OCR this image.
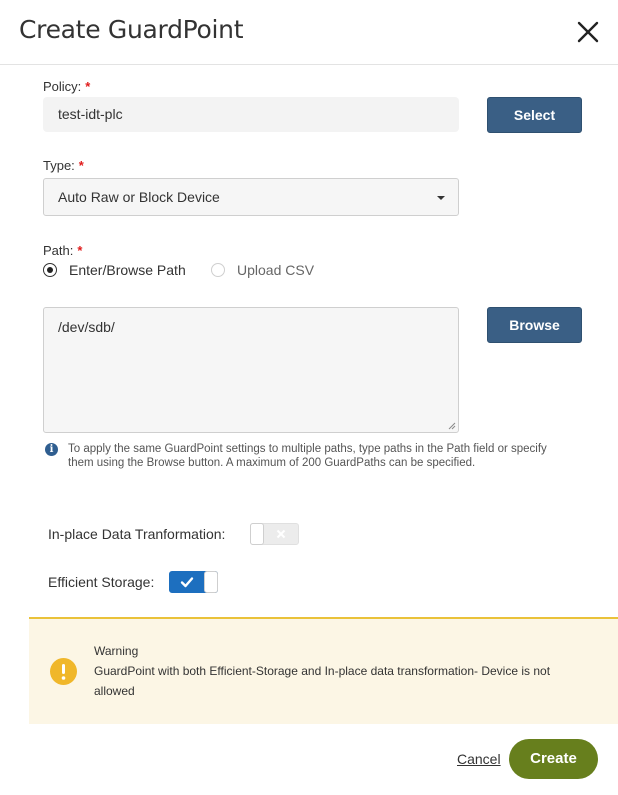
Create GuardPoint
Policy: *
test-idt-plc	Select
Type: *
Auto Raw or Block Device
Path: *
Enter/Browse Path	Upload CSV
/dev/sdb/	Browse
i	To apply the same GuardPoint settings to multiple paths, type paths in the Path field or specify them using the Browse button. A maximum of 200 GuardPaths can be specified.
In-place Data Tranformation:
Efficient Storage:
Warning
GuardPoint with both Efficient-Storage and In-place data transformation- Device is not allowed
Cancel	Create
